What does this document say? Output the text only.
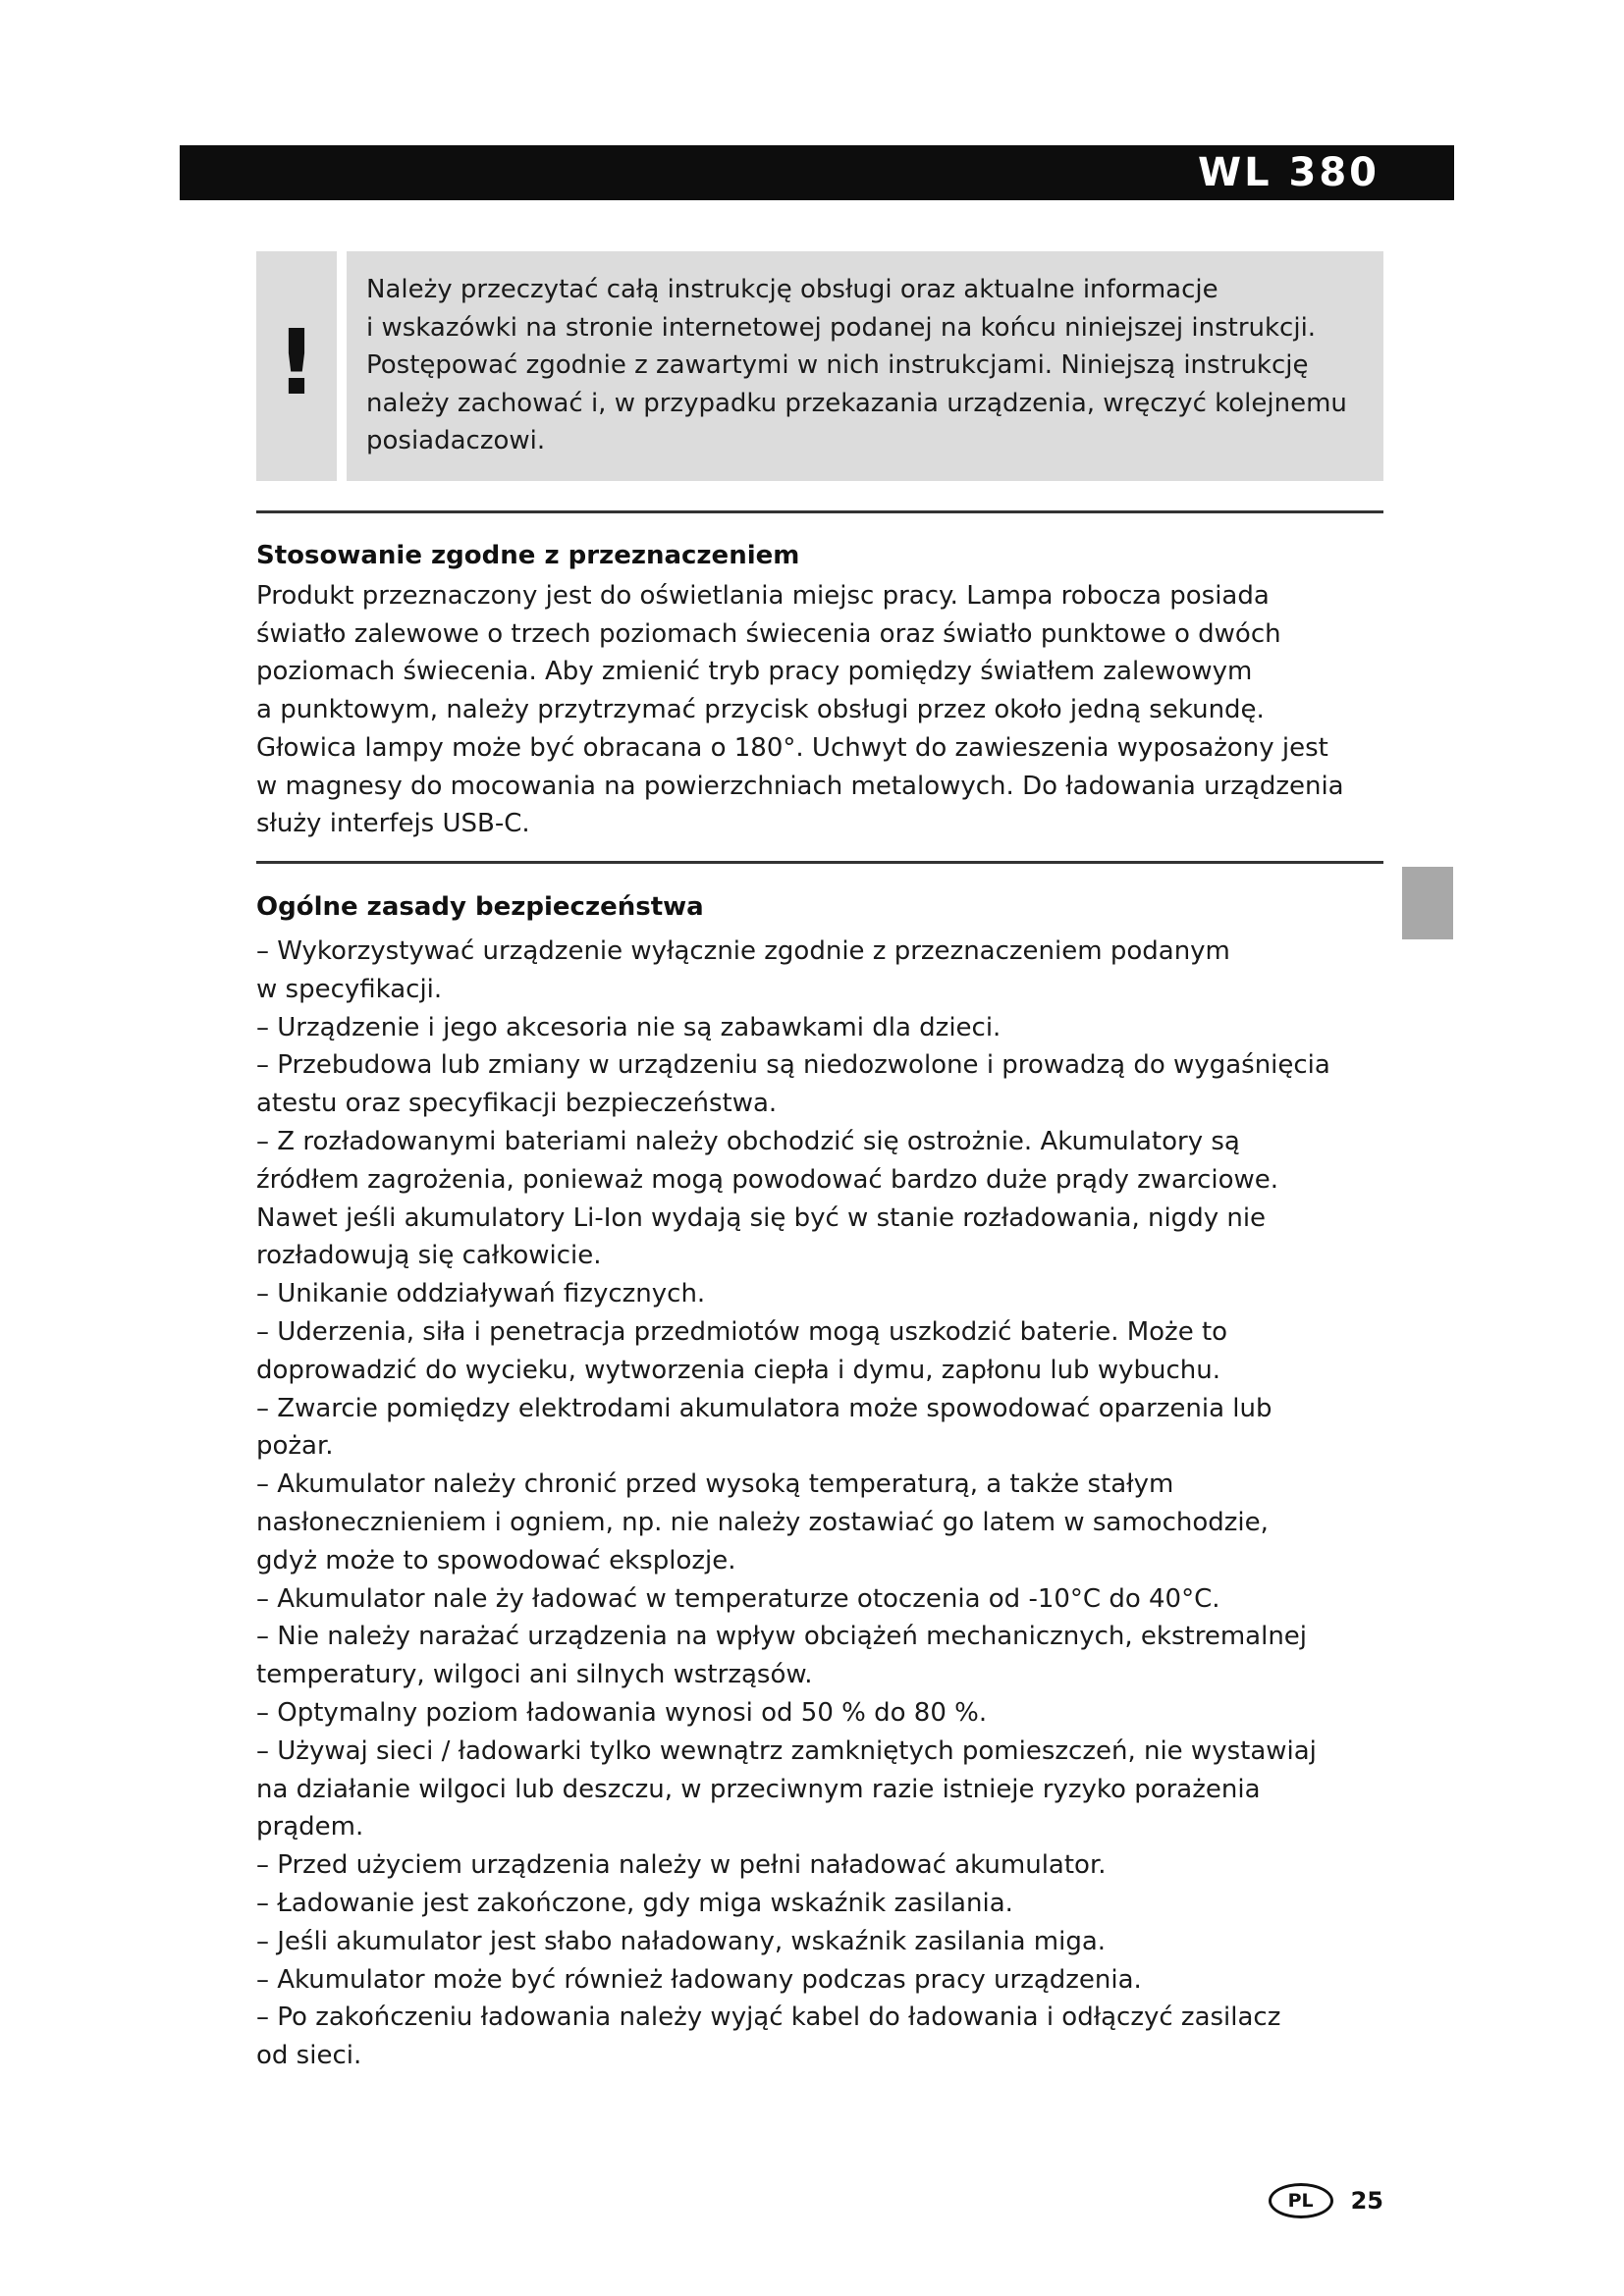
WL 380
!

Należy przeczytać całą instrukcję obsługi oraz aktualne informacje
i wskazówki na stronie internetowej podanej na końcu niniejszej instrukcji.
Postępować zgodnie z zawartymi w nich instrukcjami. Niniejszą instrukcję
należy zachować i, w przypadku przekazania urządzenia, wręczyć kolejnemu
posiadaczowi.

Stosowanie zgodne z przeznaczeniem

Produkt przeznaczony jest do oświetlania miejsc pracy. Lampa robocza posiada
światło zalewowe o trzech poziomach świecenia oraz światło punktowe o dwóch
poziomach świecenia. Aby zmienić tryb pracy pomiędzy światłem zalewowym
a punktowym, należy przytrzymać przycisk obsługi przez około jedną sekundę.
Głowica lampy może być obracana o 180°. Uchwyt do zawieszenia wyposażony jest
w magnesy do mocowania na powierzchniach metalowych. Do ładowania urządzenia
służy interfejs USB-C.

Ogólne zasady bezpieczeństwa
– Wykorzystywać urządzenie wyłącznie zgodnie z przeznaczeniem podanym
w specyfikacji.
– Urządzenie i jego akcesoria nie są zabawkami dla dzieci.
– Przebudowa lub zmiany w urządzeniu są niedozwolone i prowadzą do wygaśnięcia
atestu oraz specyfikacji bezpieczeństwa.
– Z rozładowanymi bateriami należy obchodzić się ostrożnie. Akumulatory są
źródłem zagrożenia, ponieważ mogą powodować bardzo duże prądy zwarciowe.
Nawet jeśli akumulatory Li-Ion wydają się być w stanie rozładowania, nigdy nie
rozładowują się całkowicie.
– Unikanie oddziaływań fizycznych.
– Uderzenia, siła i penetracja przedmiotów mogą uszkodzić baterie. Może to
doprowadzić do wycieku, wytworzenia ciepła i dymu, zapłonu lub wybuchu.
– Zwarcie pomiędzy elektrodami akumulatora może spowodować oparzenia lub
pożar.
– Akumulator należy chronić przed wysoką temperaturą, a także stałym
nasłonecznieniem i ogniem, np. nie należy zostawiać go latem w samochodzie,
gdyż może to spowodować eksplozje.
– Akumulator nale ży ładować w temperaturze otoczenia od -10°C do 40°C.
– Nie należy narażać urządzenia na wpływ obciążeń mechanicznych, ekstremalnej
temperatury, wilgoci ani silnych wstrząsów.
– Optymalny poziom ładowania wynosi od 50 % do 80 %.
– Używaj sieci / ładowarki tylko wewnątrz zamkniętych pomieszczeń, nie wystawiaj
na działanie wilgoci lub deszczu, w przeciwnym razie istnieje ryzyko porażenia
prądem.
– Przed użyciem urządzenia należy w pełni naładować akumulator.
– Ładowanie jest zakończone, gdy miga wskaźnik zasilania.
– Jeśli akumulator jest słabo naładowany, wskaźnik zasilania miga.
– Akumulator może być również ładowany podczas pracy urządzenia.
– Po zakończeniu ładowania należy wyjąć kabel do ładowania i odłączyć zasilacz
od sieci.
PL	25
